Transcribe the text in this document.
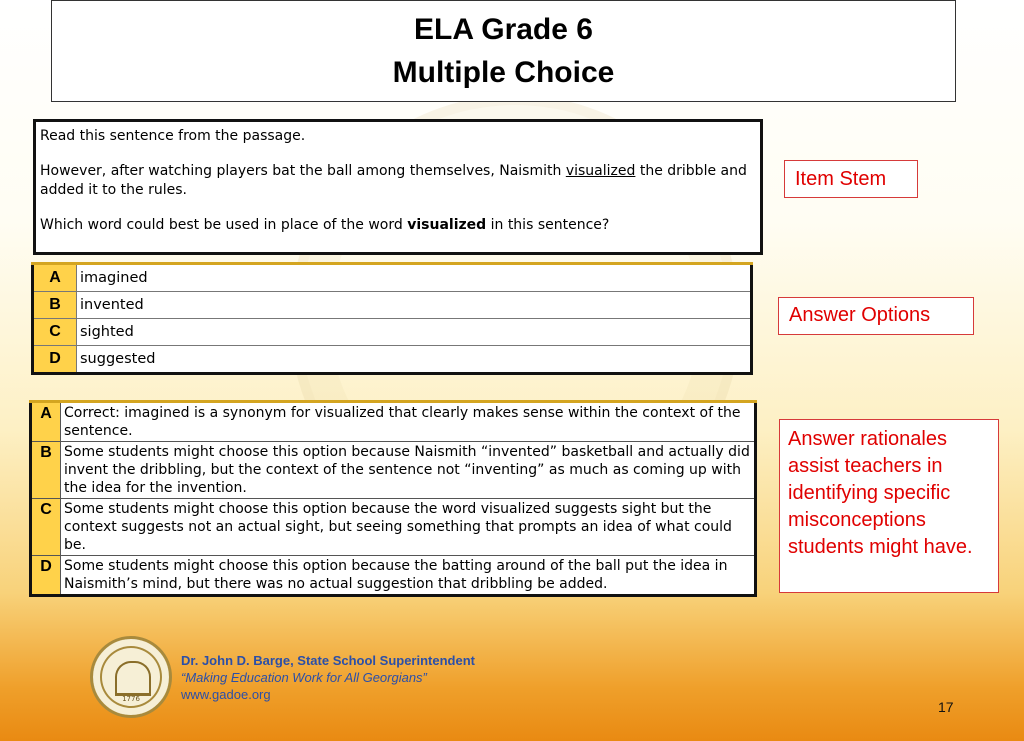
ELA Grade 6
Multiple Choice

Read this sentence from the passage.

However, after watching players bat the ball among themselves, Naismith visualized the dribble and added it to the rules.

Which word could best be used in place of the word visualized in this sentence?

A	imagined
B	invented
C	sighted
D	suggested
A	Correct: imagined is a synonym for visualized that clearly makes sense within the context of the sentence.
B	Some students might choose this option because Naismith “invented” basketball and actually did invent the dribbling, but the context of the sentence not “inventing” as much as coming up with the idea for the invention.
C	Some students might choose this option because the word visualized suggests sight but the context suggests not an actual sight, but seeing something that prompts an idea of what could be.
D	Some students might choose this option because the batting around of the ball put the idea in Naismith’s mind, but there was no actual suggestion that dribbling be added.
Item Stem
Answer Options
Answer rationales assist teachers in identifying specific misconceptions students might have.
1776
Dr. John D. Barge, State School Superintendent
“Making Education Work for All Georgians”
www.gadoe.org
17
